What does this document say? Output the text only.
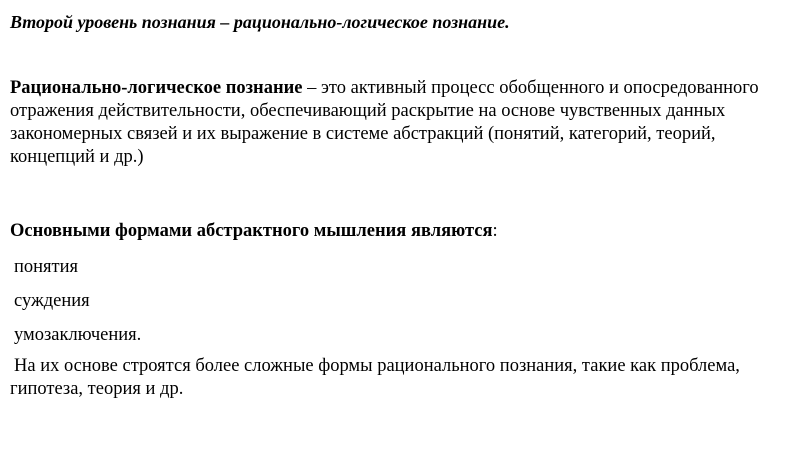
Второй уровень познания – рационально-логическое познание.
Рационально-логическое познание – это активный процесс обобщенного и опосредованного отражения действительности, обеспечивающий раскрытие на основе чувственных данных закономерных связей и их выражение в системе абстракций (понятий, категорий, теорий, концепций и др.)
Основными формами абстрактного мышления являются:
понятия
суждения
умозаключения.
На их основе строятся более сложные формы рационального познания, такие как проблема, гипотеза, теория и др.
